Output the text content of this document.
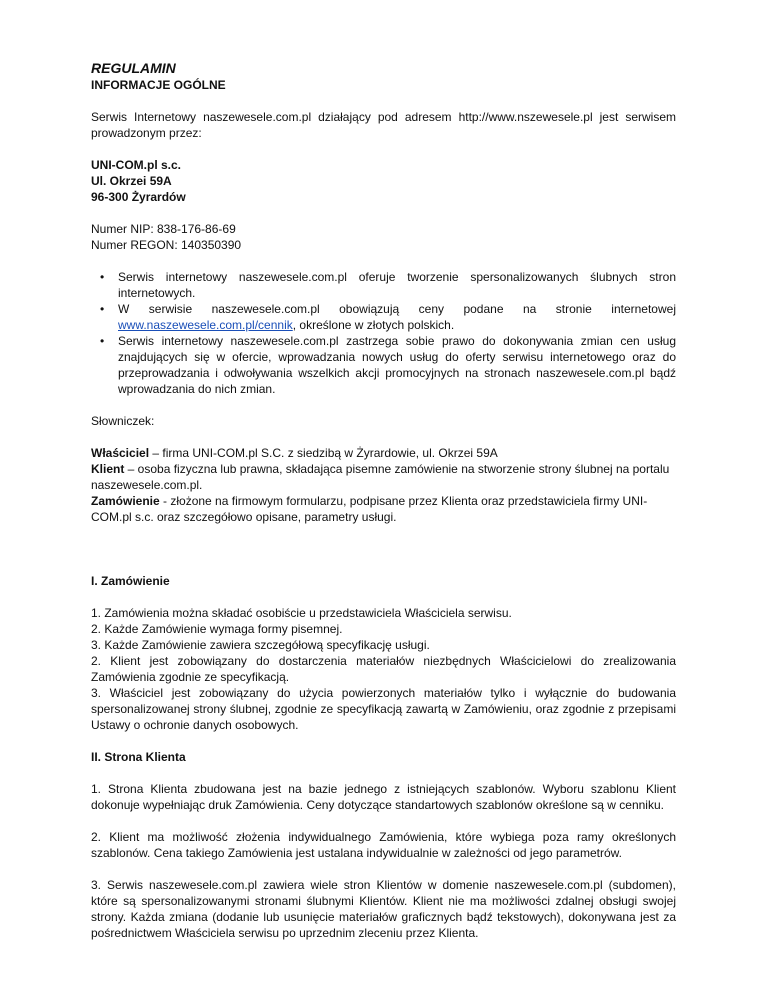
REGULAMIN

INFORMACJE OGÓLNE

Serwis Internetowy naszewesele.com.pl działający pod adresem http://www.nszewesele.pl jest serwisem prowadzonym przez:

UNI-COM.pl s.c.

Ul. Okrzei 59A

96-300 Żyrardów

Numer NIP: 838-176-86-69

Numer REGON: 140350390

• Serwis internetowy naszewesele.com.pl oferuje tworzenie spersonalizowanych ślubnych stron internetowych.
• W serwisie naszewesele.com.pl obowiązują ceny podane na stronie internetowej www.naszewesele.com.pl/cennik, określone w złotych polskich.
• Serwis internetowy naszewesele.com.pl zastrzega sobie prawo do dokonywania zmian cen usług znajdujących się w ofercie, wprowadzania nowych usług do oferty serwisu internetowego oraz do przeprowadzania i odwoływania wszelkich akcji promocyjnych na stronach naszewesele.com.pl bądź wprowadzania do nich zmian.

Słowniczek:

Właściciel – firma UNI-COM.pl S.C. z siedzibą w Żyrardowie, ul. Okrzei 59A

Klient – osoba fizyczna lub prawna, składająca pisemne zamówienie na stworzenie strony ślubnej na portalu naszewesele.com.pl.

Zamówienie - złożone na firmowym formularzu, podpisane przez Klienta oraz przedstawiciela firmy UNI-COM.pl s.c. oraz szczegółowo opisane, parametry usługi.

I. Zamówienie

1. Zamówienia można składać osobiście u przedstawiciela Właściciela serwisu.

2. Każde Zamówienie wymaga formy pisemnej.

3. Każde Zamówienie zawiera szczegółową specyfikację usługi.

2. Klient jest zobowiązany do dostarczenia materiałów niezbędnych Właścicielowi do zrealizowania Zamówienia zgodnie ze specyfikacją.

3. Właściciel jest zobowiązany do użycia powierzonych materiałów tylko i wyłącznie do budowania spersonalizowanej strony ślubnej, zgodnie ze specyfikacją zawartą w Zamówieniu, oraz zgodnie z przepisami Ustawy o ochronie danych osobowych.

II. Strona Klienta

1. Strona Klienta zbudowana jest na bazie jednego z istniejących szablonów. Wyboru szablonu Klient dokonuje wypełniając druk Zamówienia. Ceny dotyczące standartowych szablonów określone są w cenniku.

2. Klient ma możliwość złożenia indywidualnego Zamówienia, które wybiega poza ramy określonych szablonów. Cena takiego Zamówienia jest ustalana indywidualnie w zależności od jego parametrów.

3. Serwis naszewesele.com.pl zawiera wiele stron Klientów w domenie naszewesele.com.pl (subdomen), które są spersonalizowanymi stronami ślubnymi Klientów. Klient nie ma możliwości zdalnej obsługi swojej strony. Każda zmiana (dodanie lub usunięcie materiałów graficznych bądź tekstowych), dokonywana jest za pośrednictwem Właściciela serwisu po uprzednim zleceniu przez Klienta.
